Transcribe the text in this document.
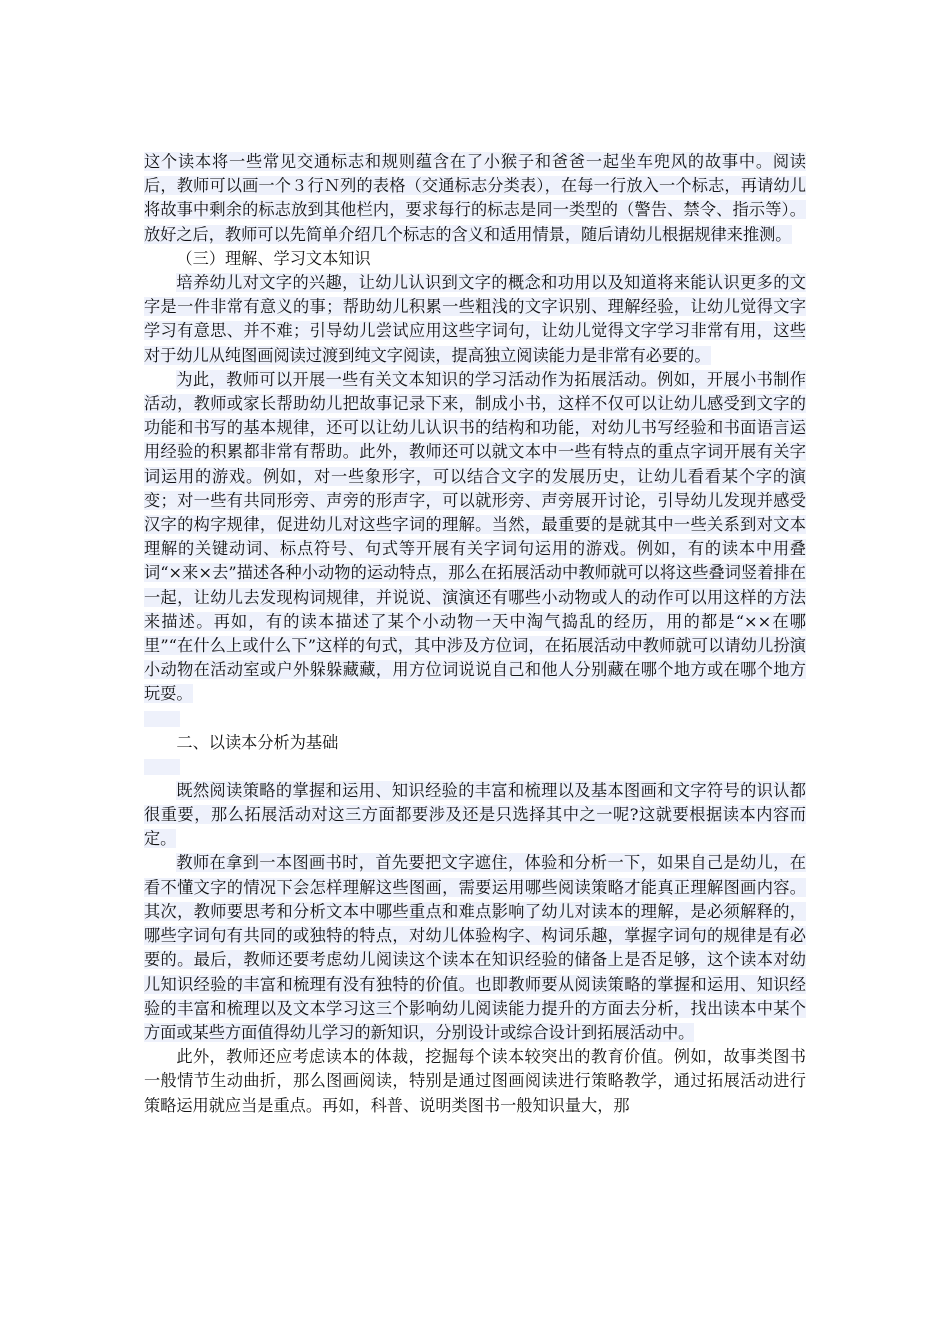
这个读本将一些常见交通标志和规则蕴含在了小猴子和爸爸一起坐车兜风的故事中。阅读后，教师可以画一个３行Ｎ列的表格（交通标志分类表），在每一行放入一个标志，再请幼儿将故事中剩余的标志放到其他栏内，要求每行的标志是同一类型的（警告、禁令、指示等）。放好之后，教师可以先简单介绍几个标志的含义和适用情景，随后请幼儿根据规律来推测。

（三）理解、学习文本知识

培养幼儿对文字的兴趣，让幼儿认识到文字的概念和功用以及知道将来能认识更多的文字是一件非常有意义的事；帮助幼儿积累一些粗浅的文字识别、理解经验，让幼儿觉得文字学习有意思、并不难；引导幼儿尝试应用这些字词句，让幼儿觉得文字学习非常有用，这些对于幼儿从纯图画阅读过渡到纯文字阅读，提高独立阅读能力是非常有必要的。

为此，教师可以开展一些有关文本知识的学习活动作为拓展活动。例如，开展小书制作活动，教师或家长帮助幼儿把故事记录下来，制成小书，这样不仅可以让幼儿感受到文字的功能和书写的基本规律，还可以让幼儿认识书的结构和功能，对幼儿书写经验和书面语言运用经验的积累都非常有帮助。此外，教师还可以就文本中一些有特点的重点字词开展有关字词运用的游戏。例如，对一些象形字，可以结合文字的发展历史，让幼儿看看某个字的演变；对一些有共同形旁、声旁的形声字，可以就形旁、声旁展开讨论，引导幼儿发现并感受汉字的构字规律，促进幼儿对这些字词的理解。当然，最重要的是就其中一些关系到对文本理解的关键动词、标点符号、句式等开展有关字词句运用的游戏。例如，有的读本中用叠词“×来×去”描述各种小动物的运动特点，那么在拓展活动中教师就可以将这些叠词竖着排在一起，让幼儿去发现构词规律，并说说、演演还有哪些小动物或人的动作可以用这样的方法来描述。再如，有的读本描述了某个小动物一天中淘气捣乱的经历，用的都是“××在哪里”“在什么上或什么下”这样的句式，其中涉及方位词，在拓展活动中教师就可以请幼儿扮演小动物在活动室或户外躲躲藏藏，用方位词说说自己和他人分别藏在哪个地方或在哪个地方玩耍。

二、以读本分析为基础

既然阅读策略的掌握和运用、知识经验的丰富和梳理以及基本图画和文字符号的识认都很重要，那么拓展活动对这三方面都要涉及还是只选择其中之一呢?这就要根据读本内容而定。

教师在拿到一本图画书时，首先要把文字遮住，体验和分析一下，如果自己是幼儿，在看不懂文字的情况下会怎样理解这些图画，需要运用哪些阅读策略才能真正理解图画内容。其次，教师要思考和分析文本中哪些重点和难点影响了幼儿对读本的理解，是必须解释的，哪些字词句有共同的或独特的特点，对幼儿体验构字、构词乐趣，掌握字词句的规律是有必要的。最后，教师还要考虑幼儿阅读这个读本在知识经验的储备上是否足够，这个读本对幼儿知识经验的丰富和梳理有没有独特的价值。也即教师要从阅读策略的掌握和运用、知识经验的丰富和梳理以及文本学习这三个影响幼儿阅读能力提升的方面去分析，找出读本中某个方面或某些方面值得幼儿学习的新知识，分别设计或综合设计到拓展活动中。

此外，教师还应考虑读本的体裁，挖掘每个读本较突出的教育价值。例如，故事类图书一般情节生动曲折，那么图画阅读，特别是通过图画阅读进行策略教学，通过拓展活动进行策略运用就应当是重点。再如，科普、说明类图书一般知识量大，那
